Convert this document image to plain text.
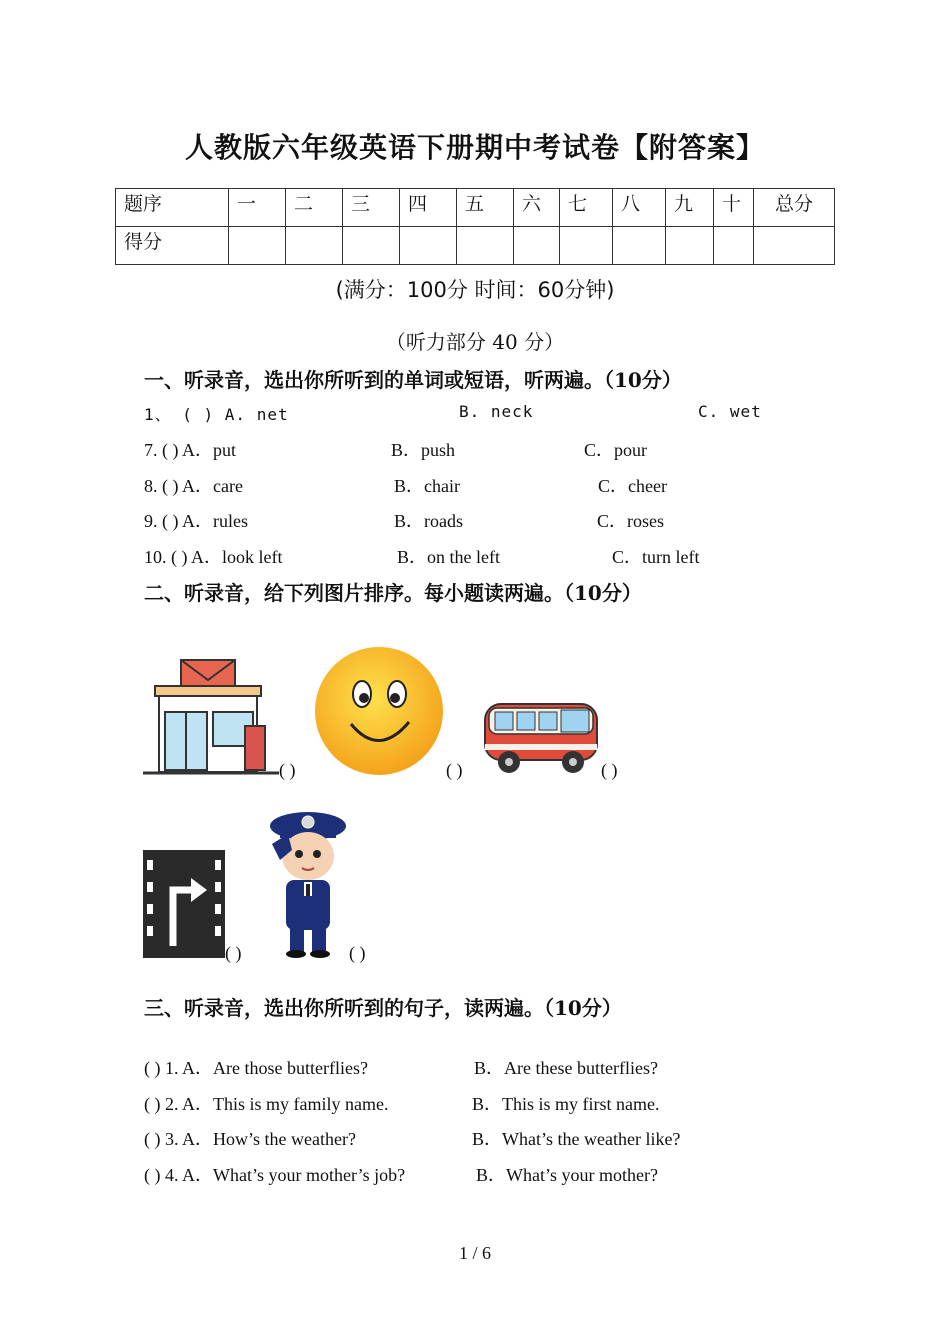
人教版六年级英语下册期中考试卷【附答案】
题序	一	二	三	四	五	六	七	八	九	十	总分
得分											
(满分：100分 时间：60分钟)
（听力部分 40 分）
一、听录音，选出你所听到的单词或短语，听两遍。（10分）
1、 ( ) A. net	B. neck	C. wet
7. ( ) A．put	B．push	C．pour
8. ( ) A．care	B．chair	C．cheer
9. ( ) A．rules	B．roads	C．roses
10. ( ) A．look left	B．on the left	C．turn left
二、听录音，给下列图片排序。每小题读两遍。（10分）
( )	( )	( )
( )	( )
三、听录音，选出你所听到的句子，读两遍。（10分）
( ) 1. A．Are those butterflies?	B．Are these butterflies?
( ) 2. A．This is my family name.	B．This is my first name.
( ) 3. A．How’s the weather?	B．What’s the weather like?
( ) 4. A．What’s your mother’s job?	B．What’s your mother?
1 / 6
